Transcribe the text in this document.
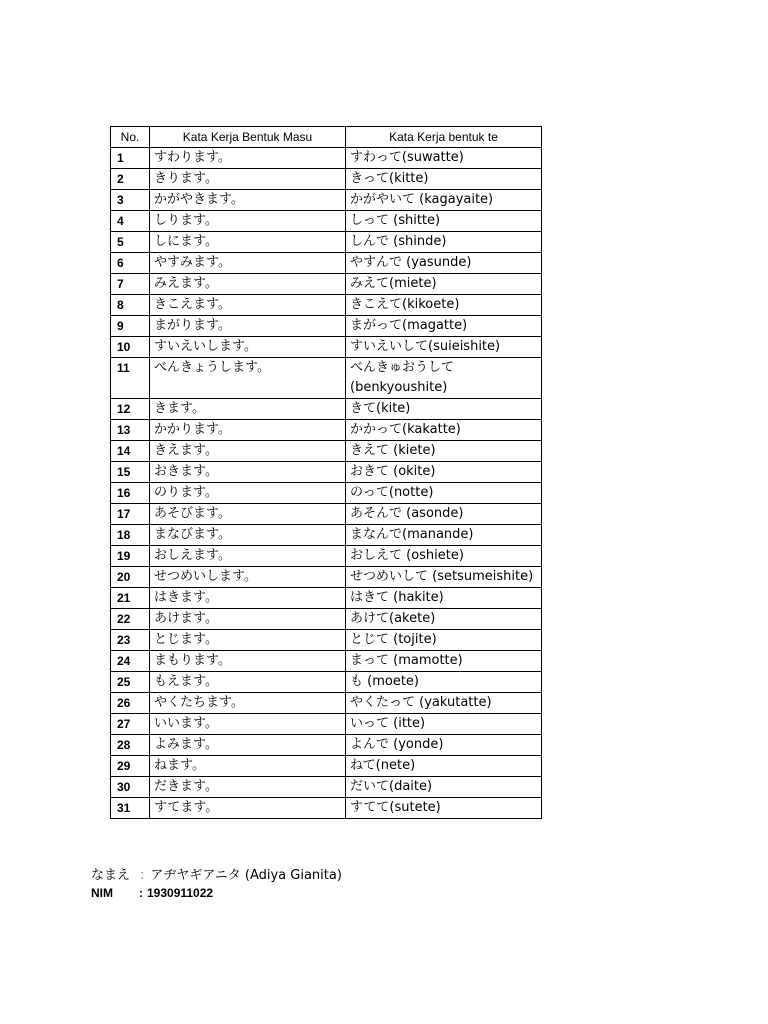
No.	Kata Kerja Bentuk Masu	Kata Kerja bentuk te
1	すわります。	すわって(suwatte)
2	きります。	きって(kitte)
3	かがやきます。	かがやいて (kagayaite)
4	しります。	しって (shitte)
5	しにます。	しんで (shinde)
6	やすみます。	やすんで (yasunde)
7	みえます。	みえて(miete)
8	きこえます。	きこえて(kikoete)
9	まがります。	まがって(magatte)
10	すいえいします。	すいえいして(suieishite)
11	べんきょうします。	べんきゅおうして (benkyoushite)
12	きます。	きて(kite)
13	かかります。	かかって(kakatte)
14	きえます。	きえて (kiete)
15	おきます。	おきて (okite)
16	のります。	のって(notte)
17	あそびます。	あそんで (asonde)
18	まなびます。	まなんで(manande)
19	おしえます。	おしえて (oshiete)
20	せつめいします。	せつめいして (setsumeishite)
21	はきます。	はきて (hakite)
22	あけます。	あけて(akete)
23	とじます。	とじて (tojite)
24	まもります。	まって (mamotte)
25	もえます。	も (moete)
26	やくたちます。	やくたって (yakutatte)
27	いいます。	いって (itte)
28	よみます。	よんで (yonde)
29	ねます。	ねて(nete)
30	だきます。	だいて(daite)
31	すてます。	すてて(sutete)
なまえ : アヂヤギアニタ (Adiya Gianita)
NIM : 1930911022
